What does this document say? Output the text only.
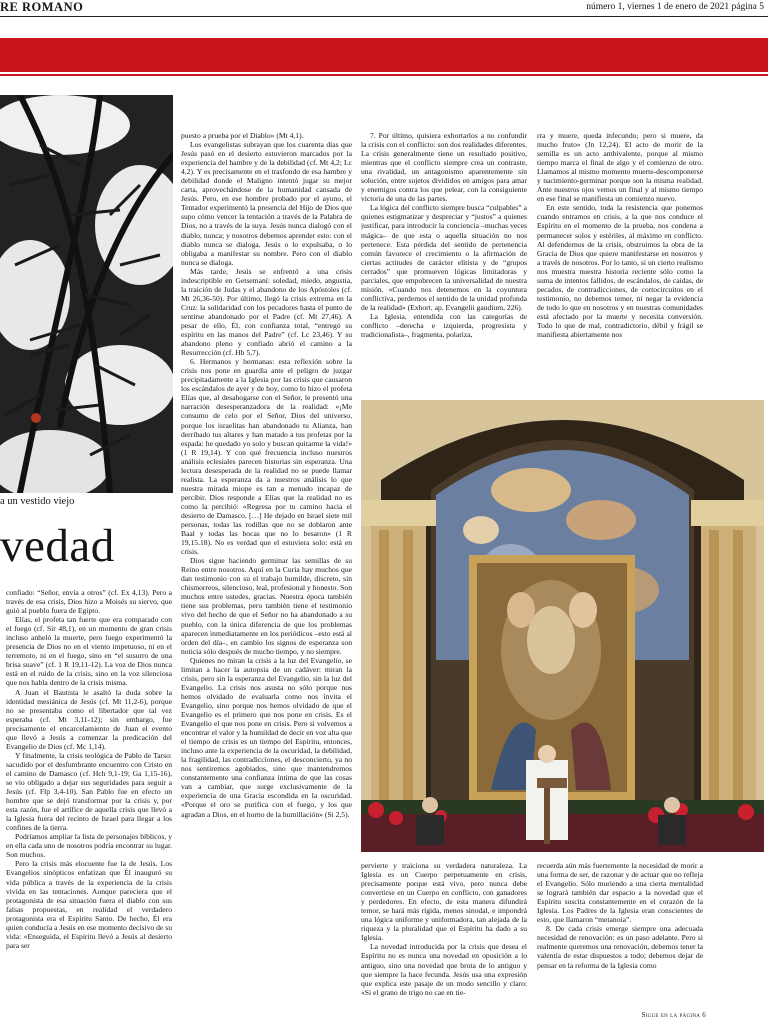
RE ROMANO	número 1, viernes 1 de enero de 2021 página 5
a un vestido viejo
vedad

confiado: “Señor, envía a otros” (cf. Ex 4,13). Pero a través de esa crisis, Dios hizo a Moisés su siervo, que guió al pueblo fuera de Egipto.

Elías, el profeta tan fuerte que era comparado con el fuego (cf. Sir 48,1), en un momento de gran crisis incluso anheló la muerte, pero luego experimentó la presencia de Dios no en el viento impetuoso, ni en el terremoto, ni en el fuego, sino en “el susurro de una brisa suave” (cf. 1 R 19,11-12). La voz de Dios nunca está en el ruido de la crisis, sino en la voz silenciosa que nos habla dentro de la crisis misma.

A Juan el Bautista le asaltó la duda sobre la identidad mesiánica de Jesús (cf. Mt 11,2-6), porque no se presentaba como el libertador que tal vez esperaba (cf. Mt 3,11-12); sin embargo, fue precisamente el encarcelamiento de Juan el evento que llevó a Jesús a comenzar la predicación del Evangelio de Dios (cf. Mc 1,14).

Y finalmente, la crisis teológica de Pablo de Tarso: sacudido por el desfumbrante encuentro con Cristo en el camino de Damasco (cf. Hch 9,1-19; Ga 1,15-16), se vio obligado a dejar sus seguridades para seguir a Jesús (cf. Flp 3,4-10). San Pablo fue en efecto un hombre que se dejó transformar por la crisis y, por esta razón, fue el artífice de aquella crisis que llevó a la Iglesia fuera del recinto de Israel para llegar a los confines de la tierra.

Podríamos ampliar la lista de personajes bíblicos, y en ella cada uno de nosotros podría encontrar su lugar. Son muchos.

Pero la crisis más elocuente fue la de Jesús. Los Evangelios sinópticos enfatizan que Él inauguró su vida pública a través de la experiencia de la crisis vivida en las tentaciones. Aunque pareciera que el protagonista de esa situación fuera el diablo con sus falsas propuestas, en realidad el verdadero protagonista era el Espíritu Santo. De hecho, Él era quien conducía a Jesús en ese momento decisivo de su vida: «Enseguida, el Espíritu llevó a Jesús al desierto para ser

puesto a prueba por el Diablo» (Mt 4,1).

Los evangelistas subrayan que los cuarenta días que Jesús pasó en el desierto estuvieron marcados por la experiencia del hambre y de la debilidad (cf. Mt 4,2; Lc 4,2). Y es precisamente en el trasfondo de esa hambre y debilidad donde el Maligno intentó jugar su mejor carta, aprovechándose de la humanidad cansada de Jesús. Pero, en ese hombre probado por el ayuno, el Tentador experimentó la presencia del Hijo de Dios que supo cómo vencer la tentación a través de la Palabra de Dios, no a través de la suya. Jesús nunca dialogó con el diablo, nunca; y nosotros debemos aprender esto: con el diablo nunca se dialoga. Jesús o lo expulsaba, o lo obligaba a manifestar su nombre. Pero con el diablo nunca se dialoga.

Más tarde, Jesús se enfrentó a una crisis indescriptible en Getsemaní: soledad, miedo, angustia, la traición de Judas y el abandono de los Apóstoles (cf. Mt 26,36-50). Por último, llegó la crisis extrema en la Cruz: la solidaridad con los pecadores hasta el punto de sentirse abandonado por el Padre (cf. Mt 27,46). A pesar de ello, Él, con confianza total, “entregó su espíritu en las manos del Padre” (cf. Lc 23,46). Y su abandono pleno y confiado abrió el camino a la Resurrección (cf. Hb 5,7).

6. Hermanos y hermanas: esta reflexión sobre la crisis nos pone en guardia ante el peligro de juzgar precipitadamente a la Iglesia por las crisis que causaron los escándalos de ayer y de hoy, como lo hizo el profeta Elías que, al desahogarse con el Señor, le presentó una narración desesperanzadora de la realidad: «¡Me consumo de celo por el Señor, Dios del universo, porque los israelitas han abandonado tu Alianza, han derribado tus altares y han matado a tus profetas por la espada: he quedado yo solo y buscan quitarme la vida!» (1 R 19,14). Y con qué frecuencia incluso nuestros análisis eclesiales parecen historias sin esperanza. Una lectura desesperada de la realidad no se puede llamar realista. La esperanza da a nuestros análisis lo que nuestra mirada miope es tan a menudo incapaz de percibir. Dios responde a Elías que la realidad no es como la percibió: «Regresa por tu camino hacia el desierto de Damasco. […] He dejado en Israel siete mil personas, todas las rodillas que no se doblaron ante Baal y todas las bocas que no lo besaron» (1 R 19,15.18). No es verdad que el estuviera solo: está en crisis.

Dios sigue haciendo germinar las semillas de su Reino entre nosotros. Aquí en la Curia hay muchos que dan testimonio con su el trabajo humilde, discreto, sin chismorreos, silencioso, leal, profesional y honesto. Son muchos entre ustedes, gracias. Nuestra época también tiene sus problemas, pero también tiene el testimonio vivo del hecho de que el Señor no ha abandonado a su pueblo, con la única diferencia de que los problemas aparecen inmediatamente en los periódicos –esto está al orden del día–, en cambio los signos de esperanza son noticia sólo después de mucho tiempo, y no siempre.

Quienes no miran la crisis a la luz del Evangelio, se limitan a hacer la autopsia de un cadáver: miran la crisis, pero sin la esperanza del Evangelio, sin la luz del Evangelio. La crisis nos asusta no sólo porque nos hemos olvidado de evaluarla como nos invita el Evangelio, sino porque nos hemos olvidado de que el Evangelio es el primero que nos pone en crisis. Es el Evangelio el que nos pone en crisis. Pero si volvemos a encontrar el valor y la humildad de decir en voz alta que el tiempo de crisis es un tiempo del Espíritu, entonces, incluso ante la experiencia de la oscuridad, la debilidad, la fragilidad, las contradicciones, el desconcierto, ya no nos sentiremos agobiados, sino que mantendremos constantemente una confianza íntima de que las cosas van a cambiar, que surge exclusivamente de la experiencia de una Gracia escondida en la oscuridad. «Porque el oro se purifica con el fuego, y los que agradan a Dios, en el horno de la humillación» (Si 2,5).

7. Por último, quisiera exhortarlos a no confundir la crisis con el conflicto: son dos realidades diferentes. La crisis generalmente tiene un resultado positivo, mientras que el conflicto siempre crea un contraste, una rivalidad, un antagonismo aparentemente sin solución, entre sujetos divididos en amigos para amar y enemigos contra los que pelear, con la consiguiente victoria de una de las partes.

La lógica del conflicto siempre busca “culpables” a quienes estigmatizar y despreciar y “justos” a quienes justificar, para introducir la conciencia –muchas veces mágica– de que esta o aquella situación no nos pertenece. Esta pérdida del sentido de pertenencia común favorece el crecimiento o la afirmación de ciertas actitudes de carácter elitista y de “grupos cerrados” que promueven lógicas limitadoras y parciales, que empobrecen la universalidad de nuestra misión. «Cuando nos detenemos en la coyuntura conflictiva, perdemos el sentido de la unidad profunda de la realidad» (Exhort. ap. Evangelii gaudium, 226).

La Iglesia, entendida con las categorías de conflicto –derecha e izquierda, progresista y tradicionalista–, fragmenta, polariza,

rra y muere, queda infecundo; pero si muere, da mucho fruto» (Jn 12,24). El acto de morir de la semilla es un acto ambivalente, porque al mismo tiempo marca el final de algo y el comienzo de otro. Llamamos al mismo momento muerte-descomponerse y nacimiento-germinar porque son la misma realidad. Ante nuestros ojos vemos un final y al mismo tiempo en ese final se manifiesta un comienzo nuevo.

En este sentido, toda la resistencia que ponemos cuando entramos en crisis, a la que nos conduce el Espíritu en el momento de la prueba, nos condena a permanecer solos y estériles, al máximo en conflicto. Al defendernos de la crisis, obstruimos la obra de la Gracia de Dios que quiere manifestarse en nosotros y a través de nosotros. Por lo tanto, si un cierto realismo nos muestra nuestra historia reciente sólo como la suma de intentos fallidos, de escándalos, de caídas, de pecados, de contradicciones, de cortocircuitos en el testimonio, no debemos temer, ni negar la evidencia de todo lo que en nosotros y en nuestras comunidades está afectado por la muerte y necesita conversión. Todo lo que de mal, contradictorio, débil y frágil se manifiesta abiertamente nos

pervierte y traiciona su verdadera naturaleza. La Iglesia es un Cuerpo perpetuamente en crisis, precisamente porque está vivo, pero nunca debe convertirse en un Cuerpo en conflicto, con ganadores y perdedores. En efecto, de esta manera difundirá temor, se hará más rígida, menos sinodal, e impondrá una lógica uniforme y uniformadora, tan alejada de la riqueza y la pluralidad que el Espíritu ha dado a su Iglesia.

La novedad introducida por la crisis que desea el Espíritu no es nunca una novedad en oposición a lo antiguo, sino una novedad que brota de lo antiguo y que siempre la hace fecunda. Jesús usa una expresión que explica este pasaje de un modo sencillo y claro: «Si el grano de trigo no cae en tie-

recuerda aún más fuertemente la necesidad de morir a una forma de ser, de razonar y de actuar que no refleja el Evangelio. Sólo muriendo a una cierta mentalidad se logrará también dar espacio a la novedad que el Espíritu suscita constantemente en el corazón de la Iglesia. Los Padres de la Iglesia eran conscientes de esto, que llamaron “metanoia”.

8. De cada crisis emerge siempre una adecuada necesidad de renovación: es un paso adelante. Pero si realmente queremos una renovación, debemos tener la valentía de estar dispuestos a todo; debemos dejar de pensar en la reforma de la Iglesia como

Sigue en la página 6
